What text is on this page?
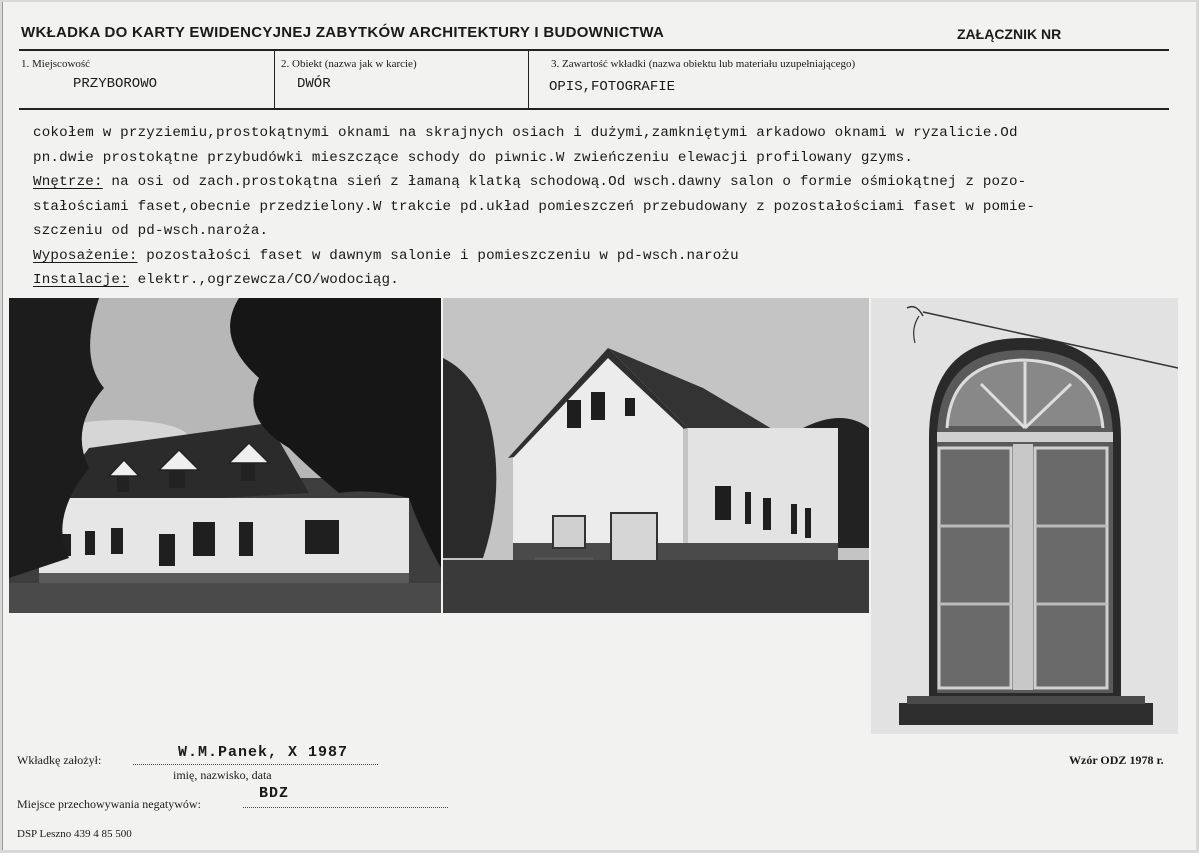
WKŁADKA DO KARTY EWIDENCYJNEJ ZABYTKÓW ARCHITEKTURY I BUDOWNICTWA	ZAŁĄCZNIK NR
1. Miejscowość
PRZYBOROWO
2. Obiekt (nazwa jak w karcie)
DWÓR
3. Zawartość wkładki (nazwa obiektu lub materiału uzupełniającego)
OPIS,FOTOGRAFIE
cokołem w przyziemiu,prostokątnymi oknami na skrajnych osiach i dużymi,zamkniętymi arkadowo oknami w ryzalicie.Od
pn.dwie prostokątne przybudówki mieszczące schody do piwnic.W zwieńczeniu elewacji profilowany gzyms.
Wnętrze: na osi od zach.prostokątna sień z łamaną klatką schodową.Od wsch.dawny salon o formie ośmiokątnej z pozo-
stałościami faset,obecnie przedzielony.W trakcie pd.układ pomieszczeń przebudowany z pozostałościami faset w pomie-
szczeniu od pd-wsch.naroża.
Wyposażenie: pozostałości faset w dawnym salonie i pomieszczeniu w pd-wsch.narożu
Instalacje: elektr.,ogrzewcza/CO/wodociąg.
Wkładkę założył:	W.M.Panek, X 1987
imię, nazwisko, data
Miejsce przechowywania negatywów:
BDZ
DSP Leszno 439 4 85 500
Wzór ODZ 1978 r.
